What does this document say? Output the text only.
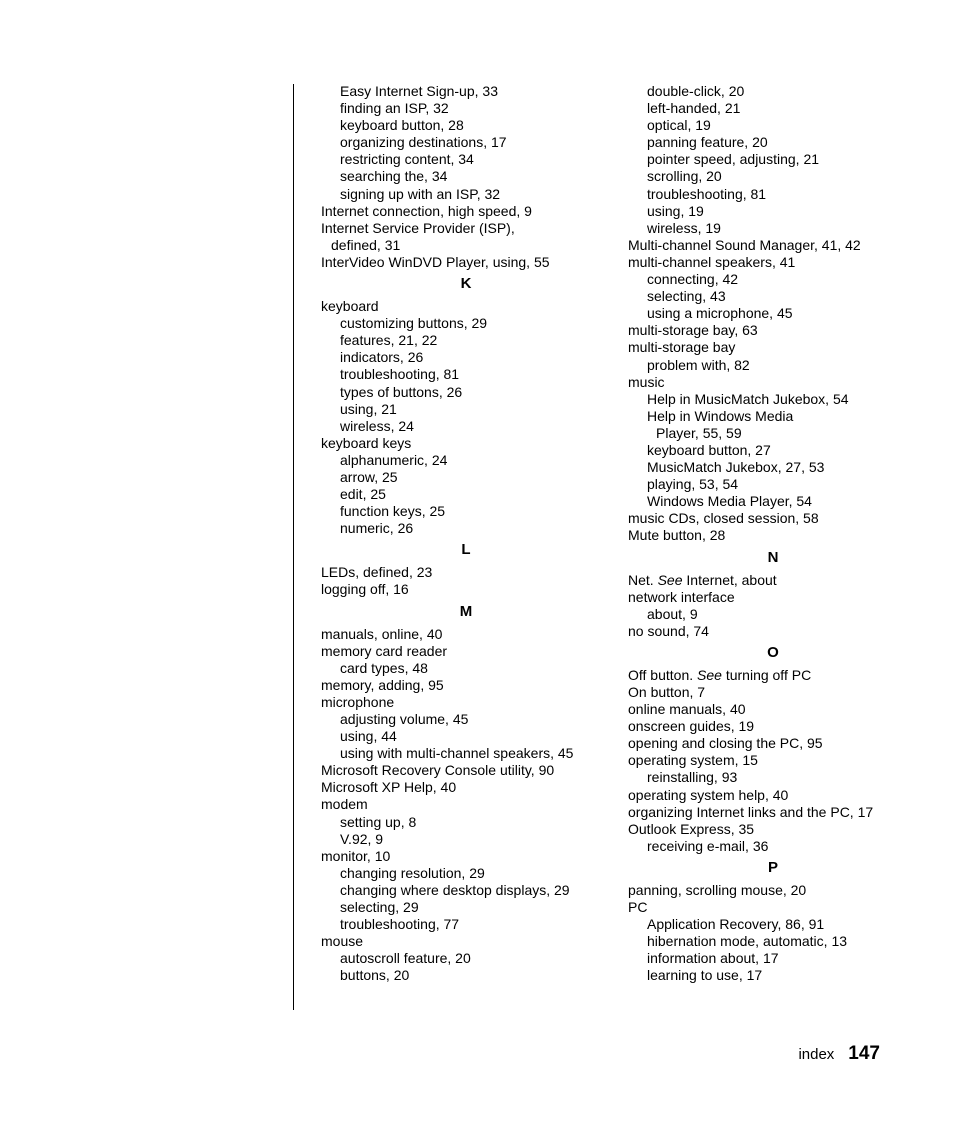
Easy Internet Sign-up, 33
finding an ISP, 32
keyboard button, 28
organizing destinations, 17
restricting content, 34
searching the, 34
signing up with an ISP, 32
Internet connection, high speed, 9
Internet Service Provider (ISP),
defined, 31
InterVideo WinDVD Player, using, 55
K
keyboard
customizing buttons, 29
features, 21, 22
indicators, 26
troubleshooting, 81
types of buttons, 26
using, 21
wireless, 24
keyboard keys
alphanumeric, 24
arrow, 25
edit, 25
function keys, 25
numeric, 26
L
LEDs, defined, 23
logging off, 16
M
manuals, online, 40
memory card reader
card types, 48
memory, adding, 95
microphone
adjusting volume, 45
using, 44
using with multi-channel speakers, 45
Microsoft Recovery Console utility, 90
Microsoft XP Help, 40
modem
setting up, 8
V.92, 9
monitor, 10
changing resolution, 29
changing where desktop displays, 29
selecting, 29
troubleshooting, 77
mouse
autoscroll feature, 20
buttons, 20
double-click, 20
left-handed, 21
optical, 19
panning feature, 20
pointer speed, adjusting, 21
scrolling, 20
troubleshooting, 81
using, 19
wireless, 19
Multi-channel Sound Manager, 41, 42
multi-channel speakers, 41
connecting, 42
selecting, 43
using a microphone, 45
multi-storage bay, 63
multi-storage bay
problem with, 82
music
Help in MusicMatch Jukebox, 54
Help in Windows Media
Player, 55, 59
keyboard button, 27
MusicMatch Jukebox, 27, 53
playing, 53, 54
Windows Media Player, 54
music CDs, closed session, 58
Mute button, 28
N
Net. See Internet, about
network interface
about, 9
no sound, 74
O
Off button. See turning off PC
On button, 7
online manuals, 40
onscreen guides, 19
opening and closing the PC, 95
operating system, 15
reinstalling, 93
operating system help, 40
organizing Internet links and the PC, 17
Outlook Express, 35
receiving e-mail, 36
P
panning, scrolling mouse, 20
PC
Application Recovery, 86, 91
hibernation mode, automatic, 13
information about, 17
learning to use, 17
index 147
